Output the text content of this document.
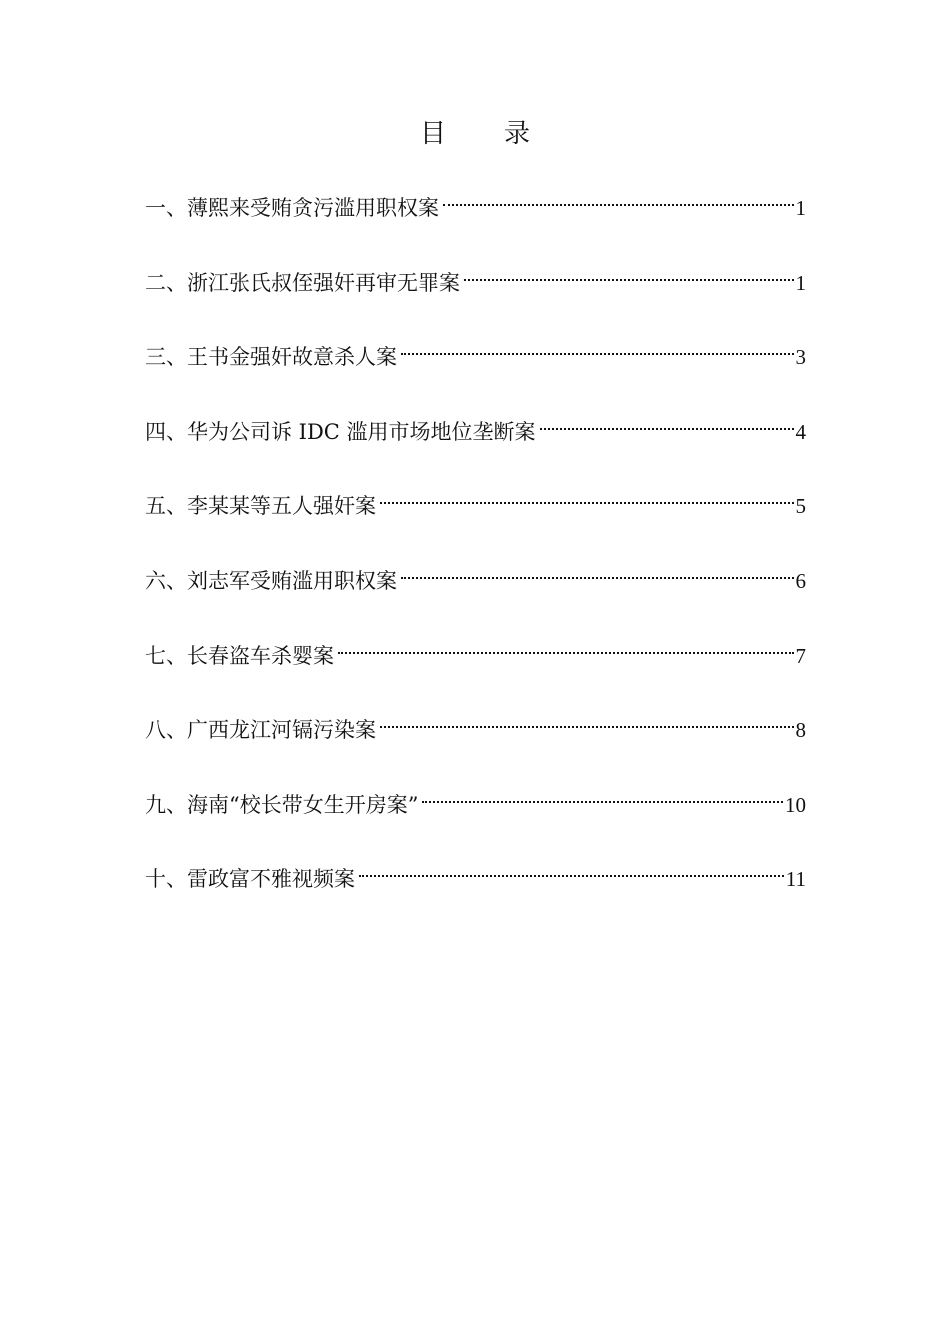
目 录
一、薄熙来受贿贪污滥用职权案	1
二、浙江张氏叔侄强奸再审无罪案	1
三、王书金强奸故意杀人案	3
四、华为公司诉 IDC 滥用市场地位垄断案	4
五、李某某等五人强奸案	5
六、刘志军受贿滥用职权案	6
七、长春盗车杀婴案	7
八、广西龙江河镉污染案	8
九、海南“校长带女生开房案”	10
十、雷政富不雅视频案	11
